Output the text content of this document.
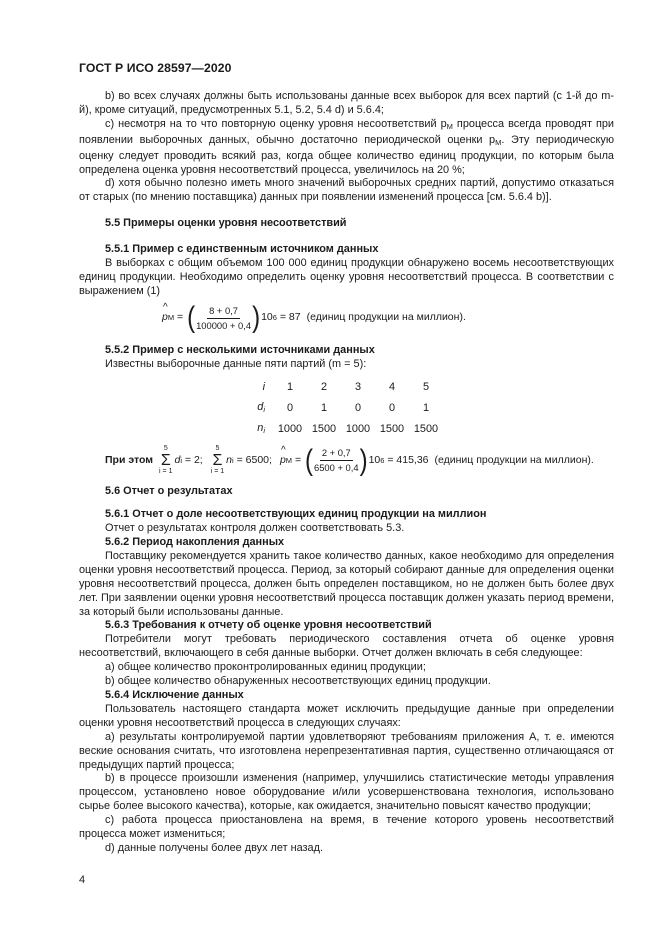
ГОСТ Р ИСО 28597—2020

b) во всех случаях должны быть использованы данные всех выборок для всех партий (с 1-й до m-й), кроме ситуаций, предусмотренных 5.1, 5.2, 5.4 d) и 5.6.4;

c) несмотря на то что повторную оценку уровня несоответствий $p_M$ процесса всегда проводят при появлении выборочных данных, обычно достаточно периодической оценки $p_M$. Эту периодическую оценку следует проводить всякий раз, когда общее количество единиц продукции, по которым была определена оценка уровня несоответствий процесса, увеличилось на 20 %;

d) хотя обычно полезно иметь много значений выборочных средних партий, допустимо отказаться от старых (по мнению поставщика) данных при появлении изменений процесса [см. 5.6.4 b)].

5.5 Примеры оценки уровня несоответствий

5.5.1 Пример с единственным источником данных

В выборках с общим объемом 100 000 единиц продукции обнаружено восемь несоответствующих единиц продукции. Необходимо определить оценку уровня несоответствий процесса. В соответствии с выражением (1)

^ p M = ( $\frac{8 + 0,7}{100000 + 0,4}$ ) 10 6 = 87 (единиц продукции на миллион).

5.5.2 Пример с несколькими источниками данных

Известны выборочные данные пяти партий (m = 5):

i	1	2	3	4	5
$d_i$	0	1	0	0	1
$n_i$	1000	1500	1000	1500	1500
При этом
5
Σ
i = 1
d i = 2;
5
Σ
i = 1
n i = 6500; ^ p M = ( $\frac{2 + 0,7}{6500 + 0,4}$ ) 10 6 = 415,36 (единиц продукции на миллион).

5.6 Отчет о результатах

5.6.1 Отчет о доле несоответствующих единиц продукции на миллион

Отчет о результатах контроля должен соответствовать 5.3.

5.6.2 Период накопления данных

Поставщику рекомендуется хранить такое количество данных, какое необходимо для определения оценки уровня несоответствий процесса. Период, за который собирают данные для определения оценки уровня несоответствий процесса, должен быть определен поставщиком, но не должен быть более двух лет. При заявлении оценки уровня несоответствий процесса поставщик должен указать период времени, за который были использованы данные.

5.6.3 Требования к отчету об оценке уровня несоответствий

Потребители могут требовать периодического составления отчета об оценке уровня несоответствий, включающего в себя данные выборки. Отчет должен включать в себя следующее:

а) общее количество проконтролированных единиц продукции;

b) общее количество обнаруженных несоответствующих единиц продукции.

5.6.4 Исключение данных

Пользователь настоящего стандарта может исключить предыдущие данные при определении оценки уровня несоответствий процесса в следующих случаях:

а) результаты контролируемой партии удовлетворяют требованиям приложения А, т. е. имеются веские основания считать, что изготовлена нерепрезентативная партия, существенно отличающаяся от предыдущих партий процесса;

b) в процессе произошли изменения (например, улучшились статистические методы управления процессом, установлено новое оборудование и/или усовершенствована технология, использовано сырье более высокого качества), которые, как ожидается, значительно повысят качество продукции;

c) работа процесса приостановлена на время, в течение которого уровень несоответствий процесса может измениться;

d) данные получены более двух лет назад.

4
